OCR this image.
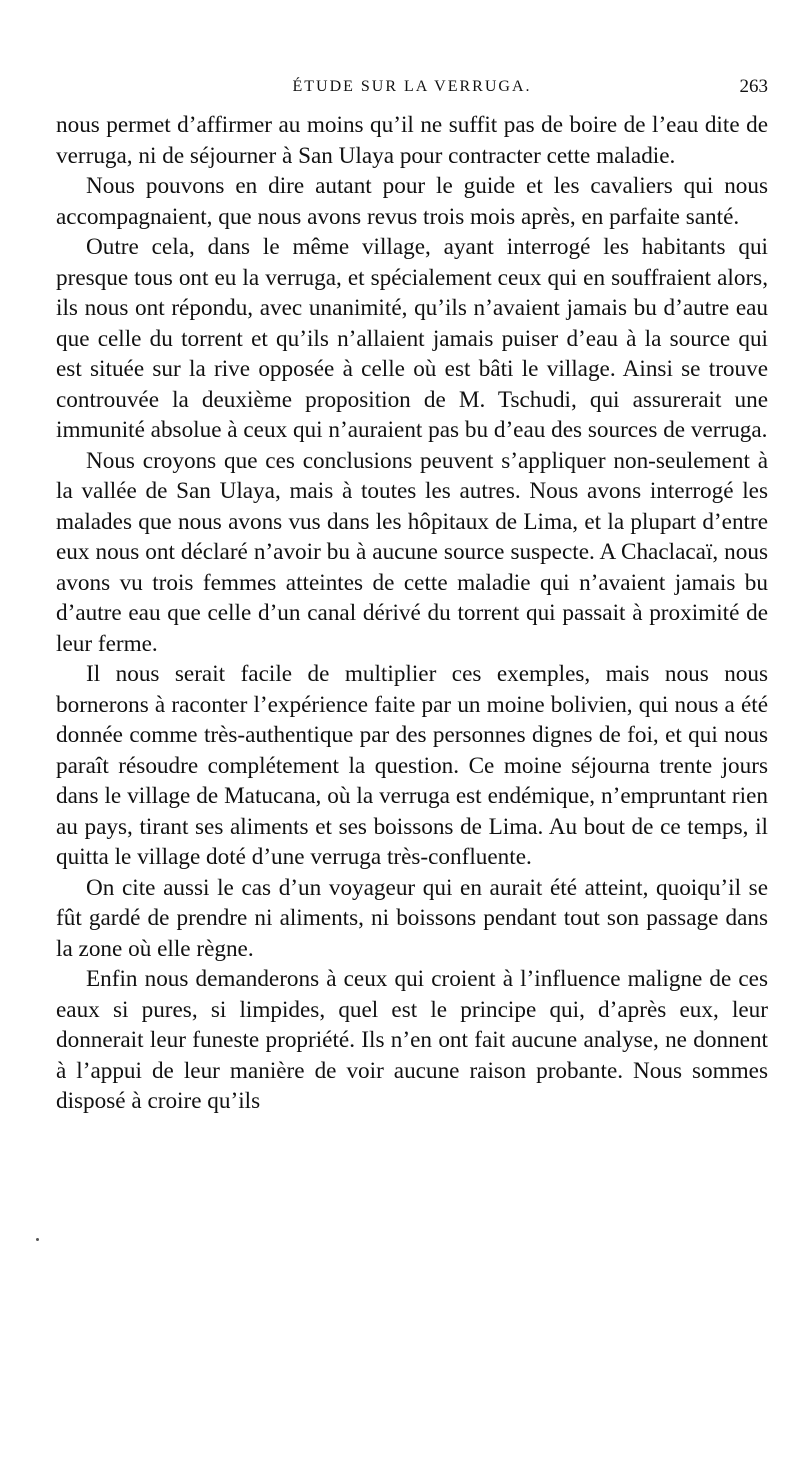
ÉTUDE SUR LA VERRUGA.	263

nous permet d’affirmer au moins qu’il ne suffit pas de boire de l’eau dite de verruga, ni de séjourner à San Ulaya pour contracter cette maladie.

Nous pouvons en dire autant pour le guide et les cavaliers qui nous accompagnaient, que nous avons revus trois mois après, en parfaite santé.

Outre cela, dans le même village, ayant interrogé les habitants qui presque tous ont eu la verruga, et spécialement ceux qui en souffraient alors, ils nous ont répondu, avec unanimité, qu’ils n’avaient jamais bu d’autre eau que celle du torrent et qu’ils n’allaient jamais puiser d’eau à la source qui est située sur la rive opposée à celle où est bâti le village. Ainsi se trouve controuvée la deuxième proposition de M. Tschudi, qui assurerait une immunité absolue à ceux qui n’auraient pas bu d’eau des sources de verruga.

Nous croyons que ces conclusions peuvent s’appliquer non-seulement à la vallée de San Ulaya, mais à toutes les autres. Nous avons interrogé les malades que nous avons vus dans les hôpitaux de Lima, et la plupart d’entre eux nous ont déclaré n’avoir bu à aucune source suspecte. A Chaclacaï, nous avons vu trois femmes atteintes de cette maladie qui n’avaient jamais bu d’autre eau que celle d’un canal dérivé du torrent qui passait à proximité de leur ferme.

Il nous serait facile de multiplier ces exemples, mais nous nous bornerons à raconter l’expérience faite par un moine bolivien, qui nous a été donnée comme très-authentique par des personnes dignes de foi, et qui nous paraît résoudre complétement la question. Ce moine séjourna trente jours dans le village de Matucana, où la verruga est endémique, n’empruntant rien au pays, tirant ses aliments et ses boissons de Lima. Au bout de ce temps, il quitta le village doté d’une verruga très-confluente.

On cite aussi le cas d’un voyageur qui en aurait été atteint, quoiqu’il se fût gardé de prendre ni aliments, ni boissons pendant tout son passage dans la zone où elle règne.

Enfin nous demanderons à ceux qui croient à l’influence maligne de ces eaux si pures, si limpides, quel est le principe qui, d’après eux, leur donnerait leur funeste propriété. Ils n’en ont fait aucune analyse, ne donnent à l’appui de leur manière de voir aucune raison probante. Nous sommes disposé à croire qu’ils
